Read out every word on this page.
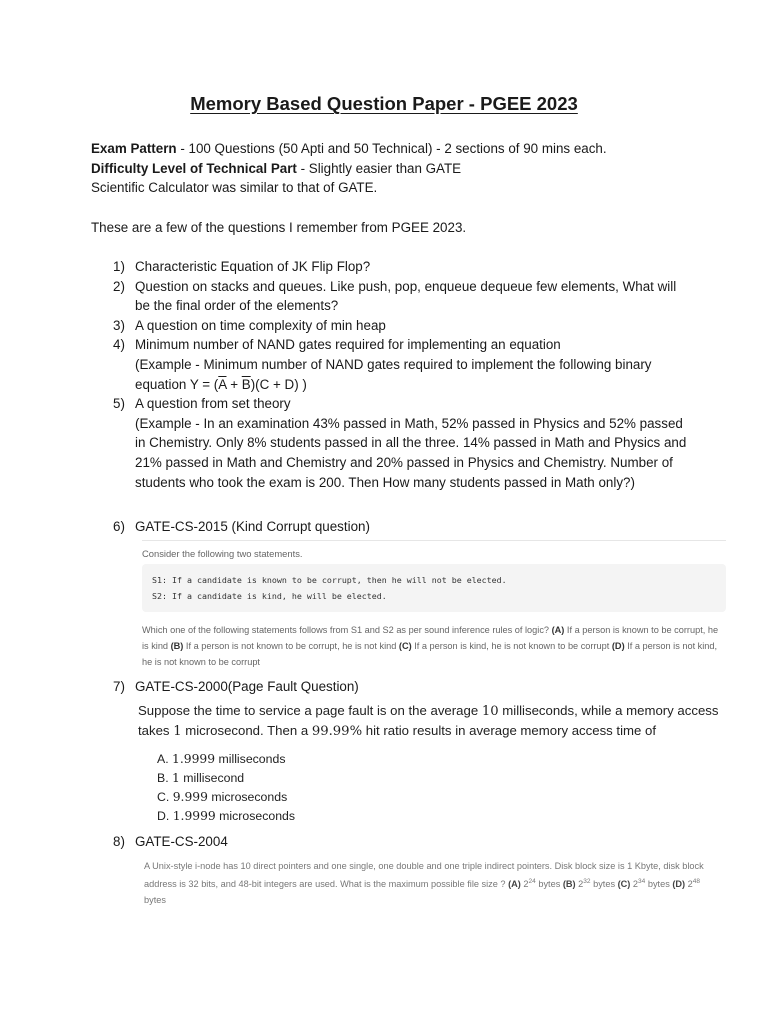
Memory Based Question Paper - PGEE 2023
Exam Pattern - 100 Questions (50 Apti and 50 Technical) - 2 sections of 90 mins each.
Difficulty Level of Technical Part - Slightly easier than GATE
Scientific Calculator was similar to that of GATE.
These are a few of the questions I remember from PGEE 2023.
1) Characteristic Equation of JK Flip Flop?
2) Question on stacks and queues. Like push, pop, enqueue dequeue few elements, What will be the final order of the elements?
3) A question on time complexity of min heap
4) Minimum number of NAND gates required for implementing an equation
(Example - Minimum number of NAND gates required to implement the following binary equation $Y = (\overline{A} + \overline{B})(C + D)$ )
5) A question from set theory
(Example - In an examination 43% passed in Math, 52% passed in Physics and 52% passed in Chemistry. Only 8% students passed in all the three. 14% passed in Math and Physics and 21% passed in Math and Chemistry and 20% passed in Physics and Chemistry. Number of students who took the exam is 200. Then How many students passed in Math only?)
6) GATE-CS-2015 (Kind Corrupt question)
Consider the following two statements.
S1: If a candidate is known to be corrupt, then he will not be elected.
S2: If a candidate is kind, he will be elected.
Which one of the following statements follows from S1 and S2 as per sound inference rules of logic? (A) If a person is known to be corrupt, he is kind (B) If a person is not known to be corrupt, he is not kind (C) If a person is kind, he is not known to be corrupt (D) If a person is not kind, he is not known to be corrupt
7) GATE-CS-2000(Page Fault Question)
Suppose the time to service a page fault is on the average 10 milliseconds, while a memory access takes 1 microsecond. Then a 99.99% hit ratio results in average memory access time of
A. 1.9999 milliseconds
B. 1 millisecond
C. 9.999 microseconds
D. 1.9999 microseconds
8) GATE-CS-2004
A Unix-style i-node has 10 direct pointers and one single, one double and one triple indirect pointers. Disk block size is 1 Kbyte, disk block address is 32 bits, and 48-bit integers are used. What is the maximum possible file size ? (A) $2^{24}$ bytes (B) $2^{32}$ bytes (C) $2^{34}$ bytes (D) $2^{48}$ bytes
